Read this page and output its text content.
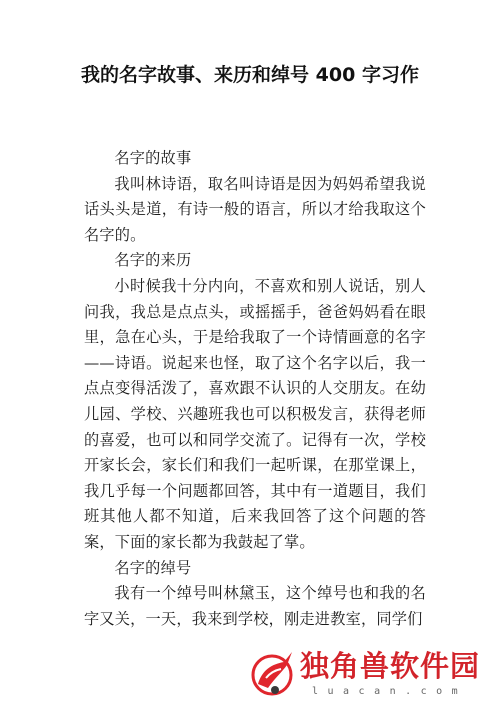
我的名字故事、来历和绰号 400 字习作

名字的故事

我叫林诗语，取名叫诗语是因为妈妈希望我说话头头是道，有诗一般的语言，所以才给我取这个名字的。

名字的来历

小时候我十分内向，不喜欢和别人说话，别人问我，我总是点点头，或摇摇手，爸爸妈妈看在眼里，急在心头，于是给我取了一个诗情画意的名字——诗语。说起来也怪，取了这个名字以后，我一点点变得活泼了，喜欢跟不认识的人交朋友。在幼儿园、学校、兴趣班我也可以积极发言，获得老师的喜爱，也可以和同学交流了。记得有一次，学校开家长会，家长们和我们一起听课，在那堂课上，我几乎每一个问题都回答，其中有一道题目，我们班其他人都不知道，后来我回答了这个问题的答案，下面的家长都为我鼓起了掌。

名字的绰号

我有一个绰号叫林黛玉，这个绰号也和我的名字又关，一天，我来到学校，刚走进教室，同学们

独角兽软件园
luacan.com
